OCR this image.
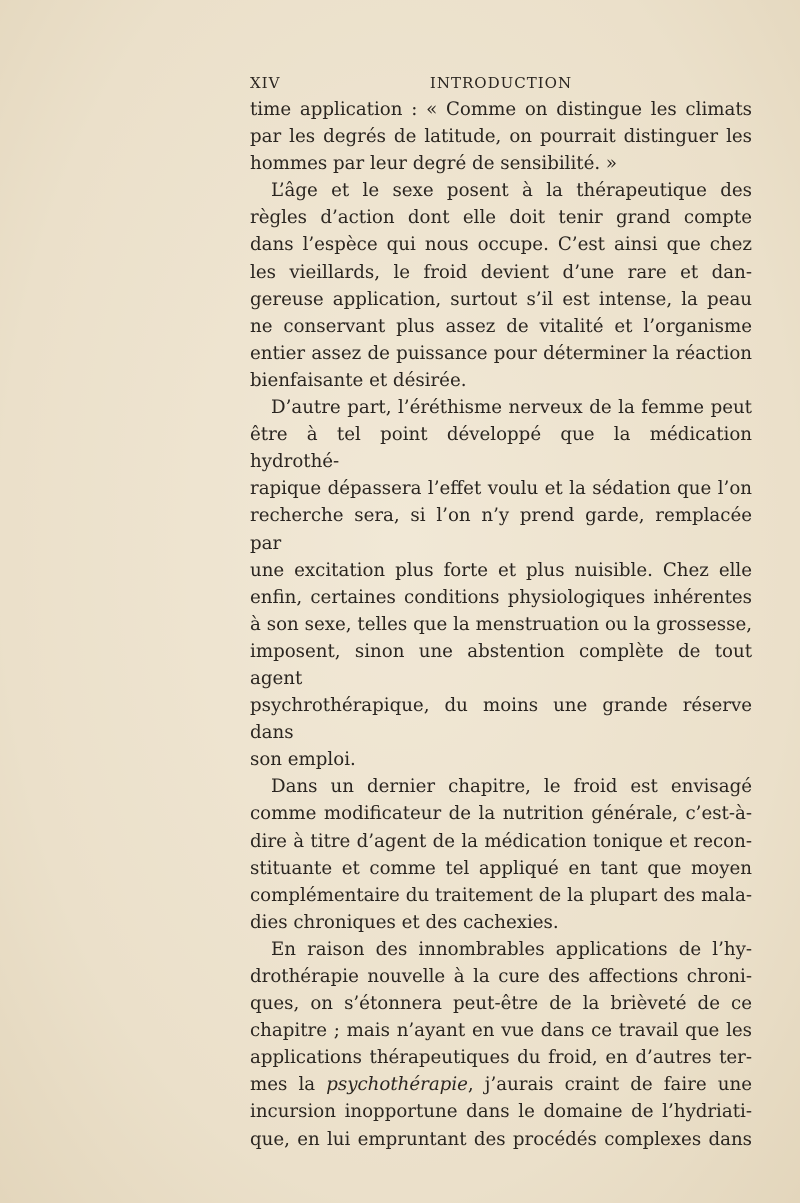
XIV	INTRODUCTION

time application : « Comme on distingue les climats

par les degrés de latitude, on pourrait distinguer les

hommes par leur degré de sensibilité. »

L’âge et le sexe posent à la thérapeutique des

règles d’action dont elle doit tenir grand compte

dans l’espèce qui nous occupe. C’est ainsi que chez

les vieillards, le froid devient d’une rare et dan-

gereuse application, surtout s’il est intense, la peau

ne conservant plus assez de vitalité et l’organisme

entier assez de puissance pour déterminer la réaction

bienfaisante et désirée.

D’autre part, l’éréthisme nerveux de la femme peut

être à tel point développé que la médication hydrothé-

rapique dépassera l’effet voulu et la sédation que l’on

recherche sera, si l’on n’y prend garde, remplacée par

une excitation plus forte et plus nuisible. Chez elle

enfin, certaines conditions physiologiques inhérentes

à son sexe, telles que la menstruation ou la grossesse,

imposent, sinon une abstention complète de tout agent

psychrothérapique, du moins une grande réserve dans

son emploi.

Dans un dernier chapitre, le froid est envisagé

comme modificateur de la nutrition générale, c’est-à-

dire à titre d’agent de la médication tonique et recon-

stituante et comme tel appliqué en tant que moyen

complémentaire du traitement de la plupart des mala-

dies chroniques et des cachexies.

En raison des innombrables applications de l’hy-

drothérapie nouvelle à la cure des affections chroni-

ques, on s’étonnera peut-être de la brièveté de ce

chapitre ; mais n’ayant en vue dans ce travail que les

applications thérapeutiques du froid, en d’autres ter-

mes la psychothérapie, j’aurais craint de faire une

incursion inopportune dans le domaine de l’hydriati-

que, en lui empruntant des procédés complexes dans
